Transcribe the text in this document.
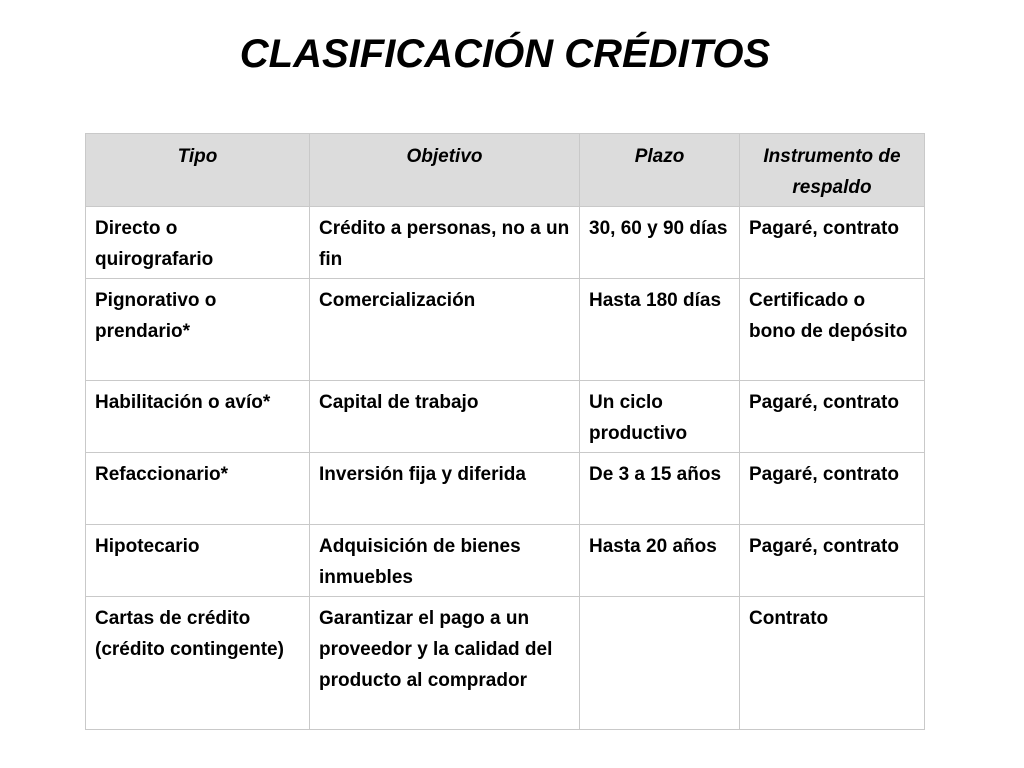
CLASIFICACIÓN CRÉDITOS
Tipo	Objetivo	Plazo	Instrumento de respaldo
Directo o quirografario	Crédito a personas, no a un fin	30, 60 y 90 días	Pagaré, contrato
Pignorativo o prendario*	Comercialización	Hasta 180 días	Certificado o bono de depósito
Habilitación o avío*	Capital de trabajo	Un ciclo productivo	Pagaré, contrato
Refaccionario*	Inversión fija y diferida	De 3 a 15 años	Pagaré, contrato
Hipotecario	Adquisición de bienes inmuebles	Hasta 20 años	Pagaré, contrato
Cartas de crédito (crédito contingente)	Garantizar el pago a un proveedor y la calidad del producto al comprador		Contrato
